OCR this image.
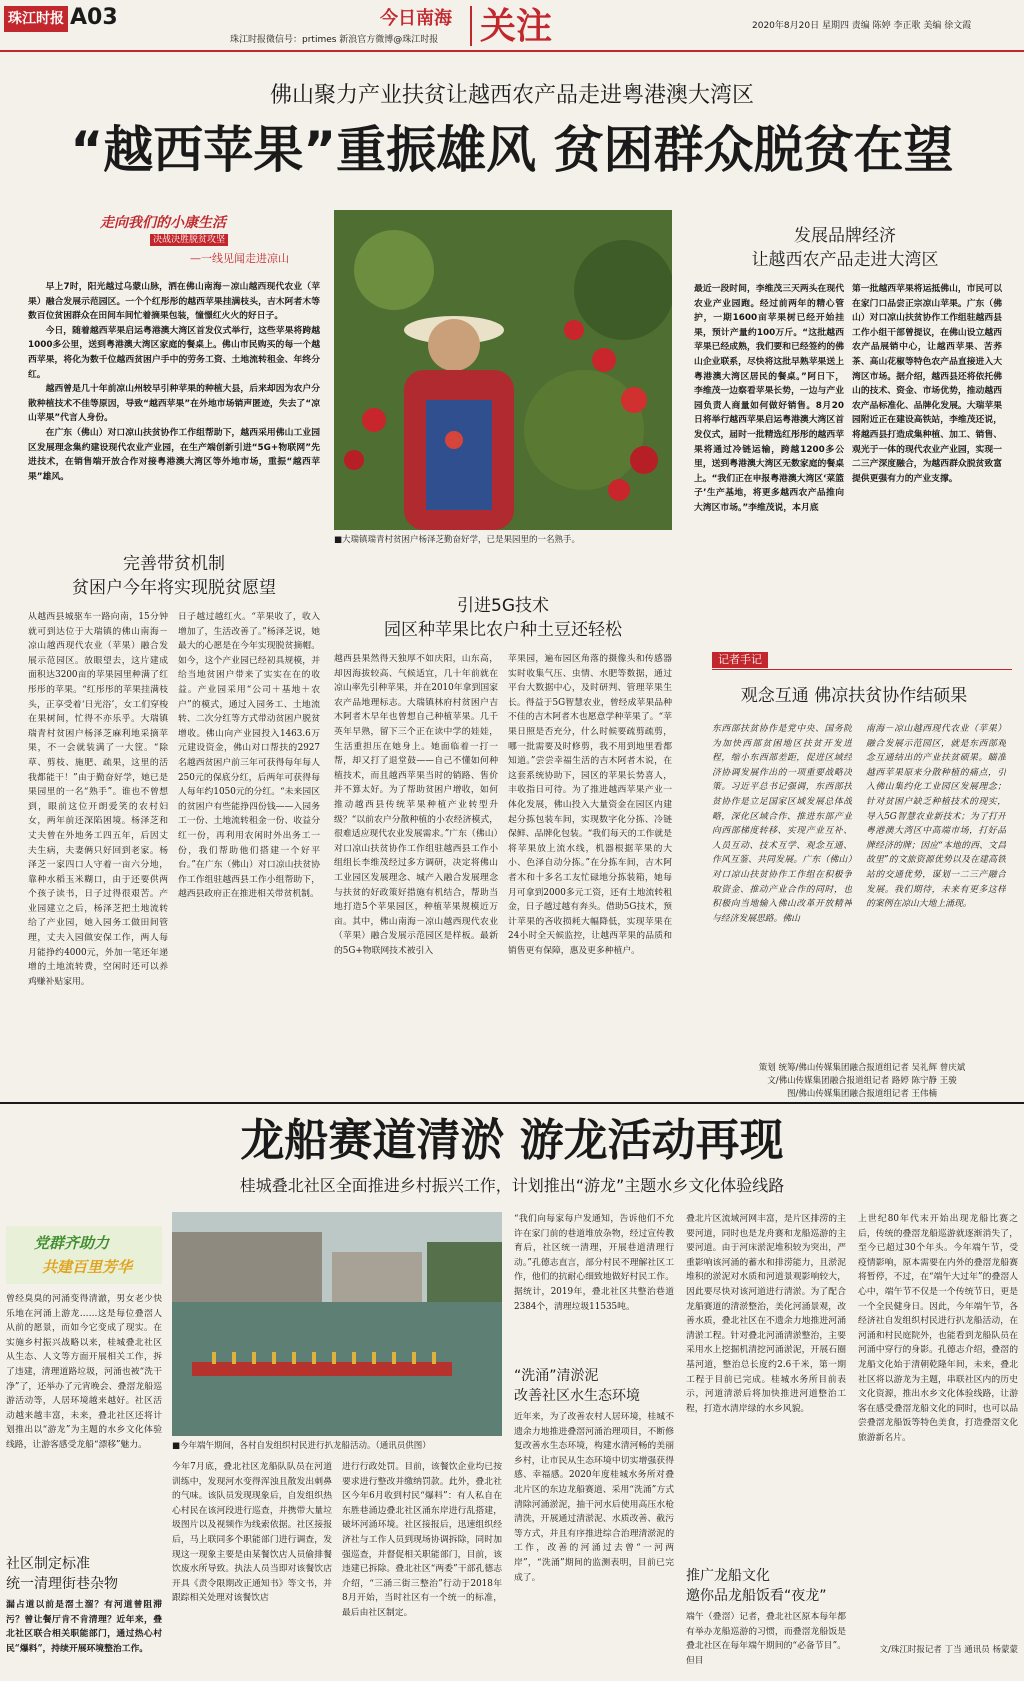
珠江时报 A03
珠江时报微信号：prtimes 新浪官方微博@珠江时报
今日南海 关注	2020年8月20日 星期四 责编 陈婷 李正歌 美编 徐文霞
佛山聚力产业扶贫让越西农产品走进粤港澳大湾区
“越西苹果”重振雄风 贫困群众脱贫在望
走向我们的小康生活
决战决胜脱贫攻坚
—一线见闻走进凉山

早上7时，阳光越过乌蒙山脉，洒在佛山南海－凉山越西现代农业（苹果）融合发展示范园区。一个个红彤彤的越西苹果挂满枝头，吉木阿者木等数百位贫困群众在田间车间忙着摘果包装，憧憬红火火的好日子。

今日，随着越西苹果启运粤港澳大湾区首发仪式举行，这些苹果将跨越1000多公里，送到粤港澳大湾区家庭的餐桌上。佛山市民购买的每一个越西苹果，将化为数千位越西贫困户手中的劳务工资、土地流转租金、年终分红。

越西曾是几十年前凉山州较早引种苹果的种植大县，后来却因为农户分散种植技术不佳等原因，导致“越西苹果”在外地市场销声匿迹，失去了“凉山苹果”代言人身份。

在广东（佛山）对口凉山扶贫协作工作组帮助下，越西采用佛山工业园区发展理念集约建设现代农业产业园，在生产端创新引进“5G+物联网”先进技术，在销售端开放合作对接粤港澳大湾区等外地市场，重振“越西苹果”雄风。

■大瑞镇瑞青村贫困户杨泽芝勤奋好学，已是果园里的一名熟手。
发展品牌经济
让越西农产品走进大湾区
最近一段时间，李维茂三天两头在现代农业产业园跑。经过前两年的精心管护，一期1600亩苹果树已经开始挂果，预计产量约100万斤。“这批越西苹果已经成熟，我们要和已经签约的佛山企业联系，尽快将这批早熟苹果送上粤港澳大湾区居民的餐桌。”阿日下，李维茂一边察看苹果长势，一边与产业园负责人商量如何做好销售。8月20日将举行越西苹果启运粤港澳大湾区首发仪式，届时一批精选红彤彤的越西苹果将通过冷链运输，跨越1200多公里，送到粤港澳大湾区无数家庭的餐桌上。“我们正在申报粤港澳大湾区‘菜篮子’生产基地，将更多越西农产品推向大湾区市场。”李维茂说，本月底
第一批越西苹果将运抵佛山，市民可以在家门口品尝正宗凉山苹果。广东（佛山）对口凉山扶贫协作工作组驻越西县工作小组干部曾提议，在佛山设立越西农产品展销中心，让越西苹果、苦荞茶、高山花椒等特色农产品直接进入大湾区市场。据介绍，越西县还将依托佛山的技术、资金、市场优势，推动越西农产品标准化、品牌化发展。大瑞苹果园附近正在建设高铁站，李维茂还说，将越西县打造成集种植、加工、销售、观光于一体的现代农业产业园，实现一二三产深度融合，为越西群众脱贫致富提供更强有力的产业支撑。
完善带贫机制
贫困户今年将实现脱贫愿望
从越西县城驱车一路向南，15分钟就可到达位于大瑞镇的佛山南海－凉山越西现代农业（苹果）融合发展示范园区。放眼望去，这片建成面积达3200亩的苹果园里种满了红彤彤的苹果。“红彤彤的苹果挂满枝头，正享受着‘日光浴’，女工们穿梭在果树间，忙得不亦乐乎。大瑞镇瑞青村贫困户杨泽芝麻利地采摘苹果，不一会就装满了一大筐。“除草、剪枝、施肥、疏果，这里的活我都能干！”由于勤奋好学，她已是果园里的一名“熟手”。谁也不曾想到，眼前这位开朗爱笑的农村妇女，两年前还深陷困境。杨泽芝和丈夫曾在外地务工四五年，后因丈夫生病，夫妻俩只好回到老家。杨泽芝一家四口人守着一亩六分地，靠种水稻玉米糊口，由于还要供两个孩子读书，日子过得很艰苦。产业园建立之后，杨泽芝把土地流转给了产业园，她入园务工做田间管理，丈夫入园做安保工作，两人每月能挣约4000元，外加一笔还年递增的土地流转费，空闲时还可以养鸡赚补贴家用。
日子越过越红火。“苹果收了，收入增加了，生活改善了。”杨泽芝说，她最大的心愿是在今年实现脱贫摘帽。如今，这个产业园已经初具规模，并给当地贫困户带来了实实在在的收益。产业园采用“公司＋基地＋农户”的模式，通过入园务工、土地流转、二次分红等方式带动贫困户脱贫增收。佛山向产业园投入1463.6万元建设资金，佛山对口帮扶的2927名越西贫困户前三年可获得每年每人250元的保底分红，后两年可获得每人每年约1050元的分红。“未来园区的贫困户有些能挣四份钱——入园务工一份、土地流转租金一份、收益分红一份，再利用农闲时外出务工一份，我们帮助他们搭建一个好平台。”在广东（佛山）对口凉山扶贫协作工作组驻越西县工作小组帮助下，越西县政府正在推进相关带贫机制。
引进5G技术
园区种苹果比农户种土豆还轻松
越西县果然得天独厚不如庆阳，山东高，却因海拔较高、气候适宜，几十年前就在凉山率先引种苹果，并在2010年拿到国家农产品地理标志。大瑞镇林府村贫困户吉木阿者木早年也曾想自己种植苹果。几千英年早熟，留下三个正在读中学的娃娃，生活重担压在她身上。她面临着一打一帮，却又打了退堂鼓——自己不懂如何种植技术，而且越西苹果当时的销路、售价并不算太好。为了帮助贫困户增收，如何推动越西县传统苹果种植产业转型升级？“以前农户分散种植的小农经济模式，很难适应现代农业发展需求。”广东（佛山）对口凉山扶贫协作工作组驻越西县工作小组组长李维茂经过多方调研，决定将佛山工业园区发展理念、城产入融合发展理念与扶贫的好政策好措施有机结合，帮助当地打造5个苹果园区，种植苹果规模近万亩。其中，佛山南海－凉山越西现代农业（苹果）融合发展示范园区是样板。最新的5G+物联网技术被引入
苹果园，遍布园区角落的摄像头和传感器实时收集气压、虫情、水肥等数据，通过平台大数据中心，及时研判、管理苹果生长。得益于5G智慧农业，曾经成苹果品种不佳的吉木阿者木也愿意学种苹果了。“苹果日照是否充分，什么时候要疏剪疏剪，哪一批需要及时修剪，我不用到地里看都知道。”尝尝幸福生活的吉木阿者木说，在这套系统协助下，园区的苹果长势喜人，丰收指日可待。为了推进越西苹果产业一体化发展，佛山投入大量资金在园区内建起分拣包装车间，实现数字化分拣、冷链保鲜、品牌化包装。“我们每天的工作就是将苹果放上流水线，机器根据苹果的大小、色泽自动分拣。”在分拣车间，吉木阿者木和十多名工友忙碌地分拣装箱，她每月可拿到2000多元工资，还有土地流转租金，日子越过越有奔头。借助5G技术，预计苹果的吝收损耗大幅降低，实现苹果在24小时全天候监控，让越西苹果的品质和销售更有保障，惠及更多种植户。
记者手记
观念互通 佛凉扶贫协作结硕果
东西部扶贫协作是党中央、国务院为加快西部贫困地区扶贫开发进程，缩小东西部差距，促进区域经济协调发展作出的一项重要战略决策。习近平总书记强调，东西部扶贫协作是立足国家区域发展总体战略，深化区域合作、推进东部产业向西部梯度转移、实现产业互补、人员互动、技术互学、观念互通、作风互鉴、共同发展。广东（佛山）对口凉山扶贫协作工作组在积极争取资金、推动产业合作的同时，也积极向当地输入佛山改革开放精神与经济发展思路。佛山
南海－凉山越西现代农业（苹果）融合发展示范园区，就是东西部观念互通结出的产业扶贫硕果。瞄准越西苹果原来分散种植的痛点，引入佛山集约化工业园区发展理念；针对贫困户缺乏种植技术的现实，导入5G智慧农业新技术；为了打开粤港澳大湾区中高端市场，打好品牌经济的牌；因应“本地的西、文昌故里”的文旅资源优势以及在建高铁站的交通优势，谋划一二三产融合发展。我们期待，未来有更多这样的案例在凉山大地上涌现。
策划 统筹/佛山传媒集团融合报道组记者 吴礼辉 曾庆斌
文/佛山传媒集团融合报道组记者 路婷 陈宁静 王骏
图/佛山传媒集团融合报道组记者 王伟楠
龙船赛道清淤 游龙活动再现
桂城叠北社区全面推进乡村振兴工作，计划推出“游龙”主题水乡文化体验线路
党群齐助力
共建百里芳华
曾经臭臭的河涌变得清澈，男女老少快乐地在河涌上游龙……这是每位叠滘人从前的愿景，而如今它变成了现实。在实施乡村振兴战略以来，桂城叠北社区从生态、人文等方面开展相关工作，拆了违建，清理道路垃圾，河涌也被“洗干净”了，还举办了元宵晚会、叠滘龙船巡游活动等，人居环境越来越好。社区活动越来越丰富，未来，叠北社区还将计划推出以“游龙”为主题的水乡文化体验线路，让游客感受龙船“漂移”魅力。
社区制定标准
统一清理街巷杂物
漏占道以前是滘土溜？有河道曾阻滞污？曾让餐厅肯不肯清理？近年来，叠北社区联合相关职能部门，通过热心村民“爆料”，持续开展环境整治工作。
■今年端午期间，各村自发组织村民进行扒龙船活动。（通讯员供图）
今年7月底，叠北社区龙船队队员在河道训练中，发现河水变得浑浊且散发出刺鼻的气味。该队员发现现象后，自发组织热心村民在该河段进行巡查，并携带大量垃圾图片以及视频作为线索依据。社区接报后，马上联同多个职能部门进行调查，发现这一现象主要是由某餐饮店人员偷排餐饮废水所导致。执法人员当即对该餐饮店开具《责令限期改正通知书》等文书，并跟踪相关处理对该餐饮店
进行行政处罚。目前，该餐饮企业均已按要求进行整改并缴纳罚款。此外，叠北社区今年6月收到村民“爆料”：有人私自在东胜巷涌边叠北社区涌东岸进行乱搭建，破坏河涌环境。社区接报后，迅速组织经济社与工作人员到现场协调拆除，同时加强巡查，并督促相关职能部门，目前，该违建已拆除。叠北社区“两委”干部孔德志介绍，“三涌三街三整治”行动于2018年8月开始，当时社区有一个统一的标准，最后由社区制定。
“我们向每家每户发通知，告诉他们不允许在家门前的巷道堆放杂物，经过宣传教育后，社区统一清理，开展巷道清理行动。”孔德志直言，部分村民不理解社区工作，他们的抗耐心细致地做好村民工作。据统计，2019年，叠北社区共整治巷道2384个，清理垃圾11535吨。
“洗涌”清淤泥
改善社区水生态环境
近年来，为了改善农村人居环境，桂城不遗余力地推进叠滘河涌治理项目，不断修复改善水生态环境，构建水清河畅的美丽乡村，让市民从生态环境中切实增强获得感、幸福感。2020年度桂城水务所对叠北片区的东边龙船赛道、采用“洗涌”方式清除河涌淤泥，抽干河水后使用高压水枪清洗，开展通过清淤泥、水质改善、截污等方式，并且有序推进综合治理清淤泥的工作，改善的河涌过去曾“一河两岸”，“洗涌”期间的监测表明，目前已完成了。
叠北片区流域河网丰富，是片区排涝的主要河道，同时也是龙舟赛和龙船巡游的主要河道。由于河床淤泥堆积较为突出，严重影响该河涌的蓄水和排涝能力，且淤泥堆积的淤泥对水质和河道景观影响较大，因此要尽快对该河道进行清淤。为了配合龙船赛道的清淤整治，美化河涌景观，改善水质，叠北社区在不遗余力地推进河涌清淤工程。针对叠北河涌清淤整治，主要采用水上挖掘机清挖河涌淤泥，开展石圈基河道，整治总长度约2.6千米，第一期工程于目前已完成。桂城水务所目前表示，河道清淤后将加快推进河道整治工程，打造水清岸绿的水乡风貌。
推广龙船文化
邀你品龙船饭看“夜龙”
端午（叠滘）记者，叠北社区原本每年都有举办龙船巡游的习惯，而叠滘龙船饭是叠北社区在每年端午期间的“必备节目”。但目
上世纪80年代末开始出现龙船比赛之后，传统的叠滘龙船巡游就逐渐消失了，至今已超过30个年头。今年端午节，受疫情影响，原本需要在内外的叠滘龙船赛将暂停，不过，在“端午大过年”的叠滘人心中，端午节不仅是一个传统节日，更是一个全民健身日。因此，今年端午节，各经济社自发组织村民进行扒龙船活动，在河涌和村民庭院外，也能看到龙船队员在河涌中穿行的身影。孔德志介绍，叠滘的龙船文化始于清朝乾隆年间，未来，叠北社区将以游龙为主题，串联社区内的历史文化资源，推出水乡文化体验线路，让游客在感受叠滘龙船文化的同时，也可以品尝叠滘龙船饭等特色美食，打造叠滘文化旅游新名片。
文/珠江时报记者 丁当 通讯员 杨蒙蒙
